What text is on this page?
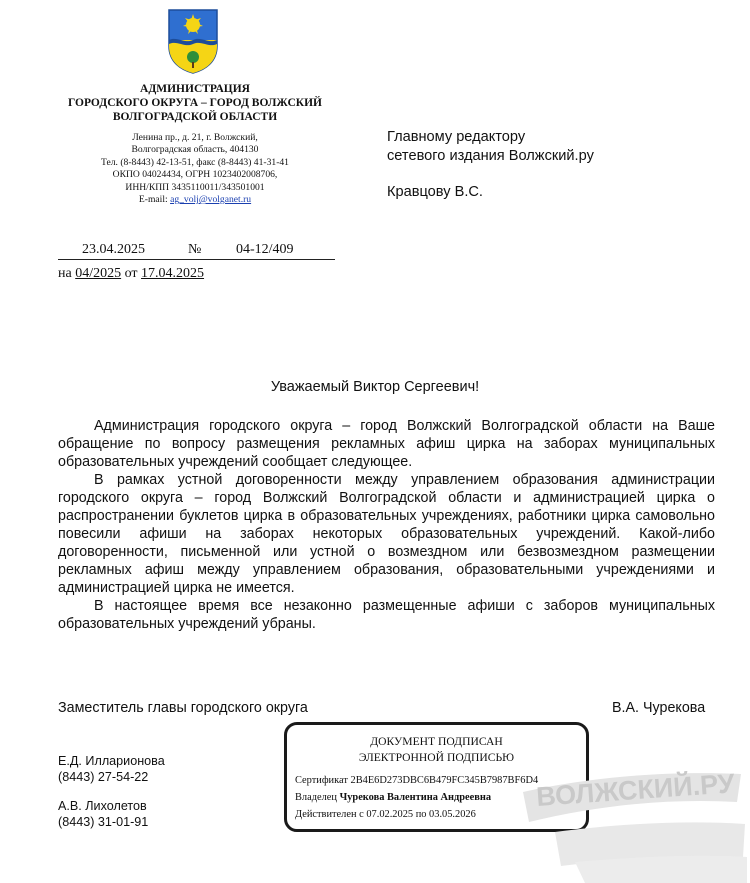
АДМИНИСТРАЦИЯ
ГОРОДСКОГО ОКРУГА – ГОРОД ВОЛЖСКИЙ
ВОЛГОГРАДСКОЙ ОБЛАСТИ
Ленина пр., д. 21, г. Волжский,
Волгоградская область, 404130
Тел. (8-8443) 42-13-51, факс (8-8443) 41-31-41
ОКПО 04024434, ОГРН 1023402008706,
ИНН/КПП 3435110011/343501001
E-mail: ag_volj@volganet.ru
Главному редактору
сетевого издания Волжский.ру
Кравцову В.С.
23.04.2025	№ 04-12/409
на 04/2025 от 17.04.2025
Уважаемый Виктор Сергеевич!

Администрация городского округа – город Волжский Волгоградской области на Ваше обращение по вопросу размещения рекламных афиш цирка на заборах муниципальных образовательных учреждений сообщает следующее.

В рамках устной договоренности между управлением образования администрации городского округа – город Волжский Волгоградской области и администрацией цирка о распространении буклетов цирка в образовательных учреждениях, работники цирка самовольно повесили афиши на заборах некоторых образовательных учреждений. Какой-либо договоренности, письменной или устной о возмездном или безвозмездном размещении рекламных афиш между управлением образования, образовательными учреждениями и администрацией цирка не имеется.

В настоящее время все незаконно размещенные афиши с заборов муниципальных образовательных учреждений убраны.

Заместитель главы городского округа	В.А. Чурекова
ДОКУМЕНТ ПОДПИСАН
ЭЛЕКТРОННОЙ ПОДПИСЬЮ
Сертификат 2B4E6D273DBC6B479FC345B7987BF6D4
Владелец Чурекова Валентина Андреевна
Действителен с 07.02.2025 по 03.05.2026
Е.Д. Илларионова
(8443) 27-54-22
А.В. Лихолетов
(8443) 31-01-91
ВОЛЖСКИЙ.РУ
